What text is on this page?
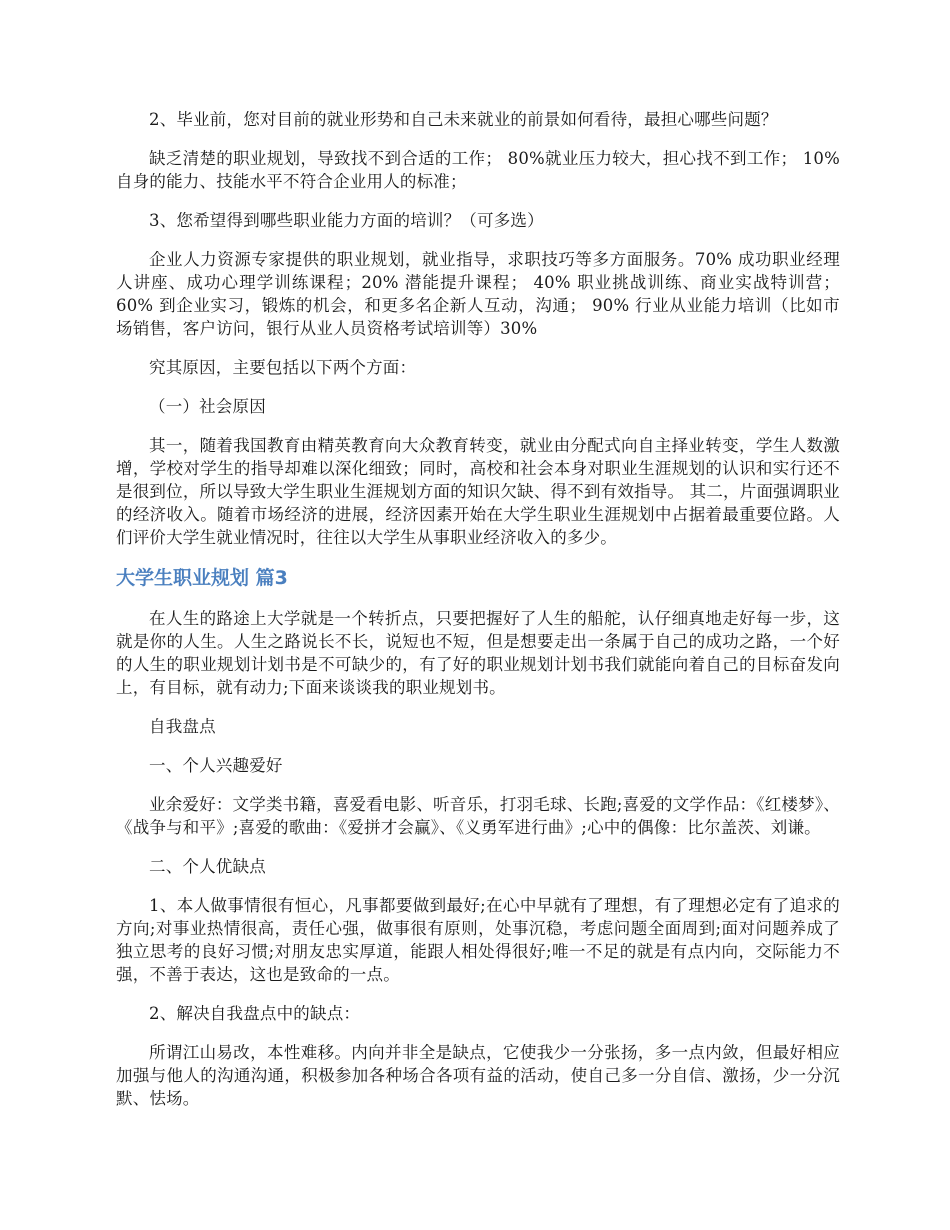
2、毕业前，您对目前的就业形势和自己未来就业的前景如何看待，最担心哪些问题？

缺乏清楚的职业规划，导致找不到合适的工作； 80%就业压力较大，担心找不到工作； 10% 自身的能力、技能水平不符合企业用人的标准；

3、您希望得到哪些职业能力方面的培训？（可多选）

企业人力资源专家提供的职业规划，就业指导，求职技巧等多方面服务。70% 成功职业经理人讲座、成功心理学训练课程；20% 潜能提升课程； 40% 职业挑战训练、商业实战特训营； 60% 到企业实习，锻炼的机会，和更多名企新人互动，沟通； 90% 行业从业能力培训（比如市场销售，客户访问，银行从业人员资格考试培训等）30%

究其原因，主要包括以下两个方面：

（一）社会原因

其一，随着我国教育由精英教育向大众教育转变，就业由分配式向自主择业转变，学生人数激增，学校对学生的指导却难以深化细致；同时，高校和社会本身对职业生涯规划的认识和实行还不是很到位，所以导致大学生职业生涯规划方面的知识欠缺、得不到有效指导。 其二，片面强调职业的经济收入。随着市场经济的进展，经济因素开始在大学生职业生涯规划中占据着最重要位路。人们评价大学生就业情况时，往往以大学生从事职业经济收入的多少。

大学生职业规划 篇3

在人生的路途上大学就是一个转折点，只要把握好了人生的船舵，认仔细真地走好每一步，这就是你的人生。人生之路说长不长，说短也不短，但是想要走出一条属于自己的成功之路，一个好的人生的职业规划计划书是不可缺少的，有了好的职业规划计划书我们就能向着自己的目标奋发向上，有目标，就有动力;下面来谈谈我的职业规划书。

自我盘点

一、个人兴趣爱好

业余爱好：文学类书籍，喜爱看电影、听音乐，打羽毛球、长跑;喜爱的文学作品：《红楼梦》、《战争与和平》;喜爱的歌曲：《爱拼才会赢》、《义勇军进行曲》;心中的偶像：比尔盖茨、刘谦。

二、个人优缺点

1、本人做事情很有恒心，凡事都要做到最好;在心中早就有了理想，有了理想必定有了追求的方向;对事业热情很高，责任心强，做事很有原则，处事沉稳，考虑问题全面周到;面对问题养成了独立思考的良好习惯;对朋友忠实厚道，能跟人相处得很好;唯一不足的就是有点内向，交际能力不强，不善于表达，这也是致命的一点。

2、解决自我盘点中的缺点：

所谓江山易改，本性难移。内向并非全是缺点，它使我少一分张扬，多一点内敛，但最好相应加强与他人的沟通沟通，积极参加各种场合各项有益的活动，使自己多一分自信、激扬，少一分沉默、怯场。
